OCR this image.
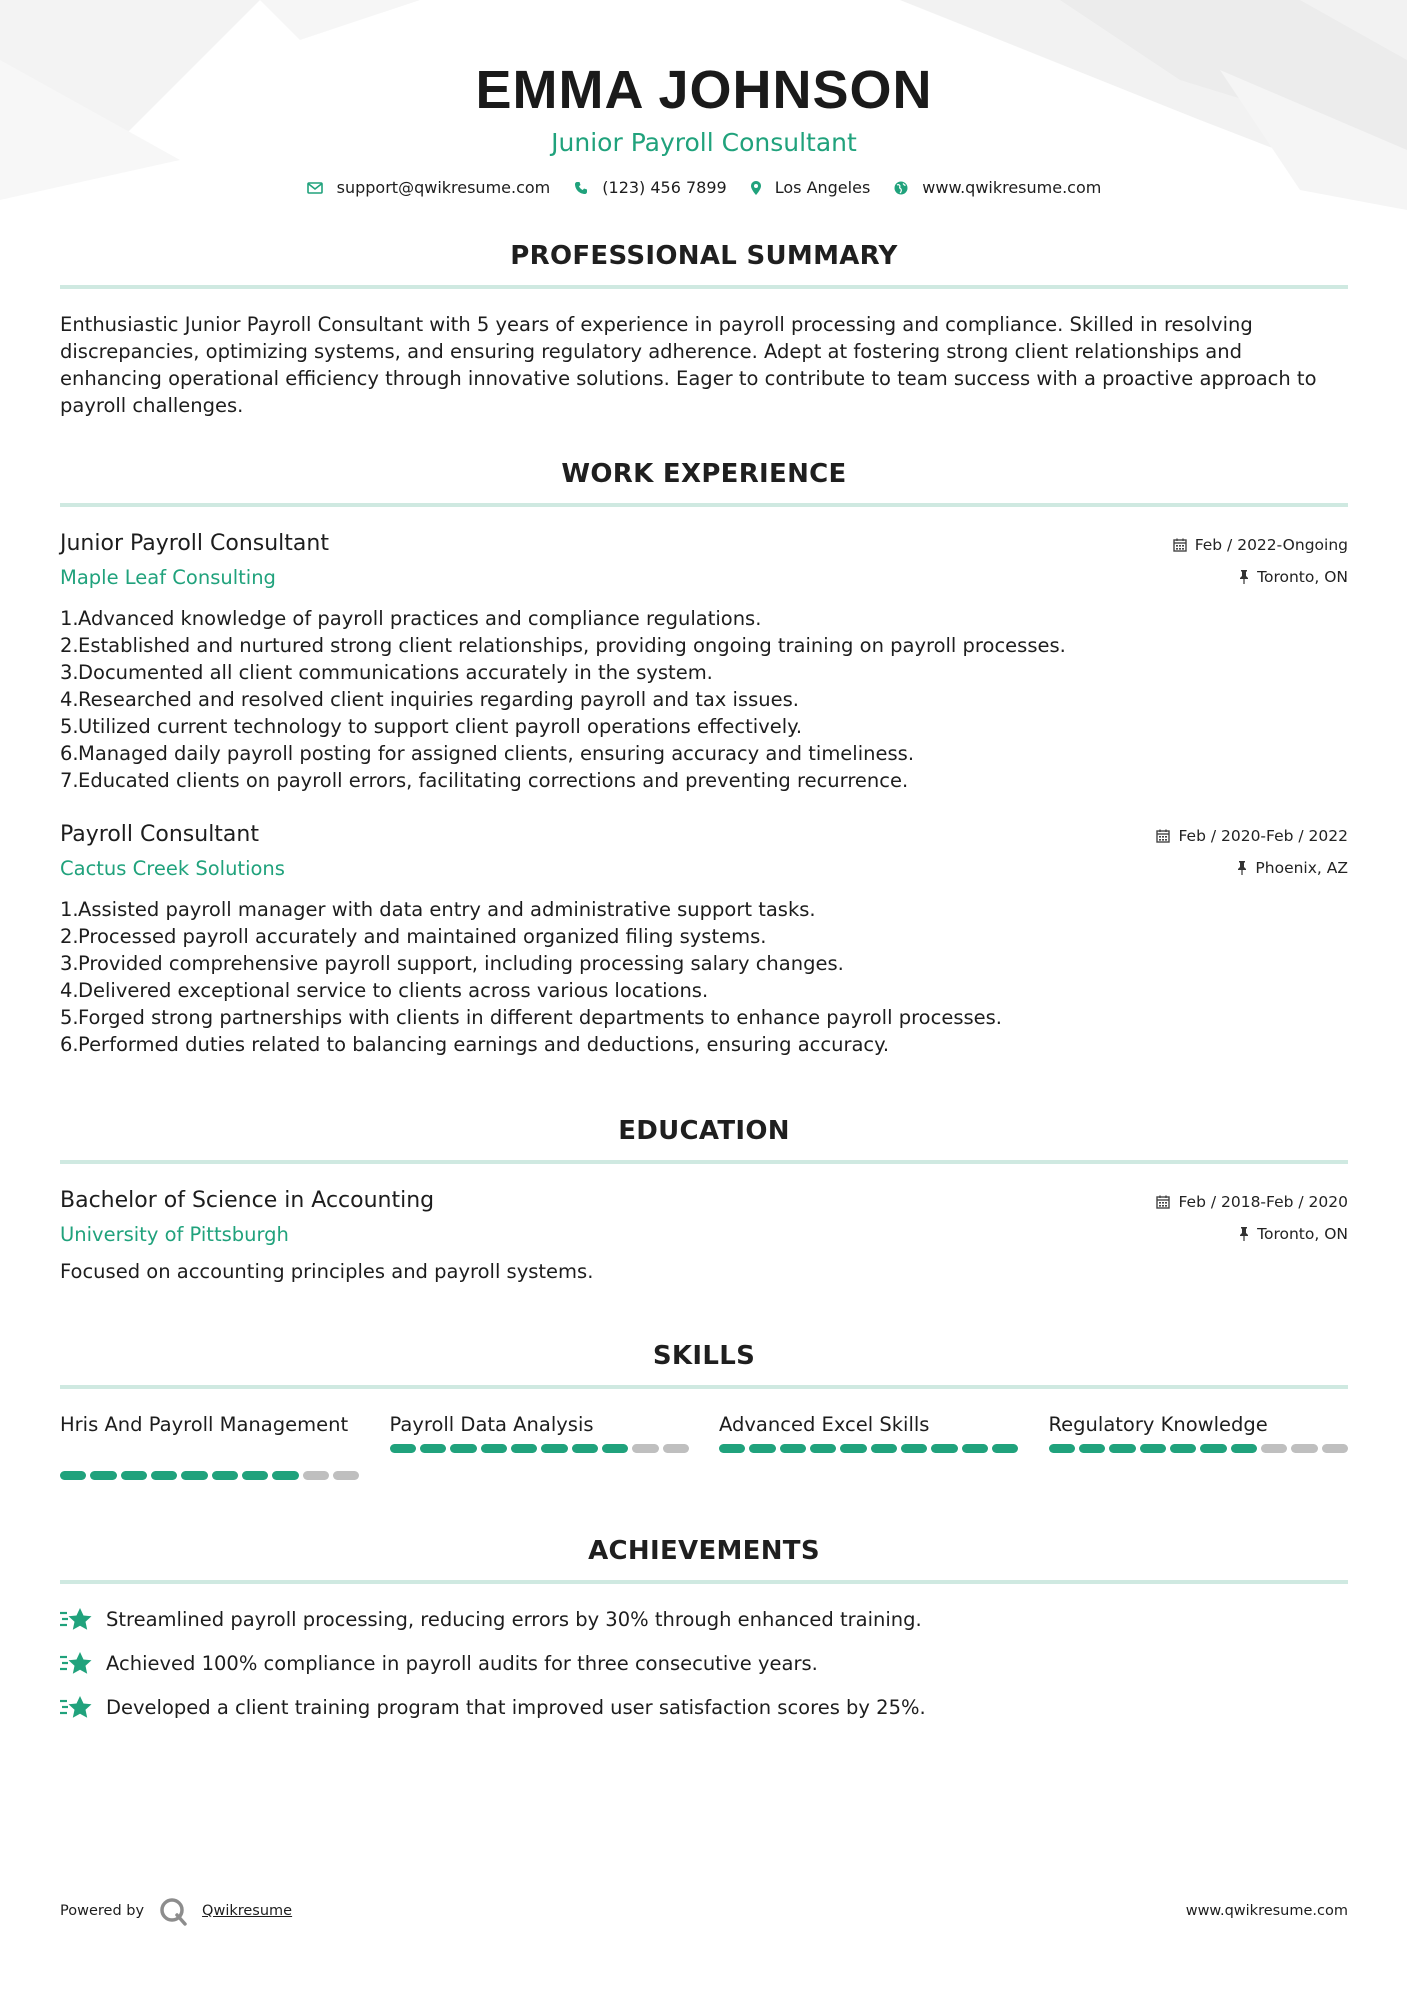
EMMA JOHNSON
Junior Payroll Consultant
support@qwikresume.com	(123) 456 7899	Los Angeles	www.qwikresume.com
PROFESSIONAL SUMMARY
Enthusiastic Junior Payroll Consultant with 5 years of experience in payroll processing and compliance. Skilled in resolving discrepancies, optimizing systems, and ensuring regulatory adherence. Adept at fostering strong client relationships and enhancing operational efficiency through innovative solutions. Eager to contribute to team success with a proactive approach to payroll challenges.
WORK EXPERIENCE
Junior Payroll Consultant
Maple Leaf Consulting
Feb / 2022-Ongoing
Toronto, ON
1. Advanced knowledge of payroll practices and compliance regulations.
2. Established and nurtured strong client relationships, providing ongoing training on payroll processes.
3. Documented all client communications accurately in the system.
4. Researched and resolved client inquiries regarding payroll and tax issues.
5. Utilized current technology to support client payroll operations effectively.
6. Managed daily payroll posting for assigned clients, ensuring accuracy and timeliness.
7. Educated clients on payroll errors, facilitating corrections and preventing recurrence.
Payroll Consultant
Cactus Creek Solutions
Feb / 2020-Feb / 2022
Phoenix, AZ
1. Assisted payroll manager with data entry and administrative support tasks.
2. Processed payroll accurately and maintained organized filing systems.
3. Provided comprehensive payroll support, including processing salary changes.
4. Delivered exceptional service to clients across various locations.
5. Forged strong partnerships with clients in different departments to enhance payroll processes.
6. Performed duties related to balancing earnings and deductions, ensuring accuracy.
EDUCATION
Bachelor of Science in Accounting
University of Pittsburgh
Feb / 2018-Feb / 2020
Toronto, ON
Focused on accounting principles and payroll systems.
SKILLS
Hris And Payroll Management	Payroll Data Analysis	Advanced Excel Skills	Regulatory Knowledge
ACHIEVEMENTS
Streamlined payroll processing, reducing errors by 30% through enhanced training.
Achieved 100% compliance in payroll audits for three consecutive years.
Developed a client training program that improved user satisfaction scores by 25%.
Powered by	Qwikresume	www.qwikresume.com
